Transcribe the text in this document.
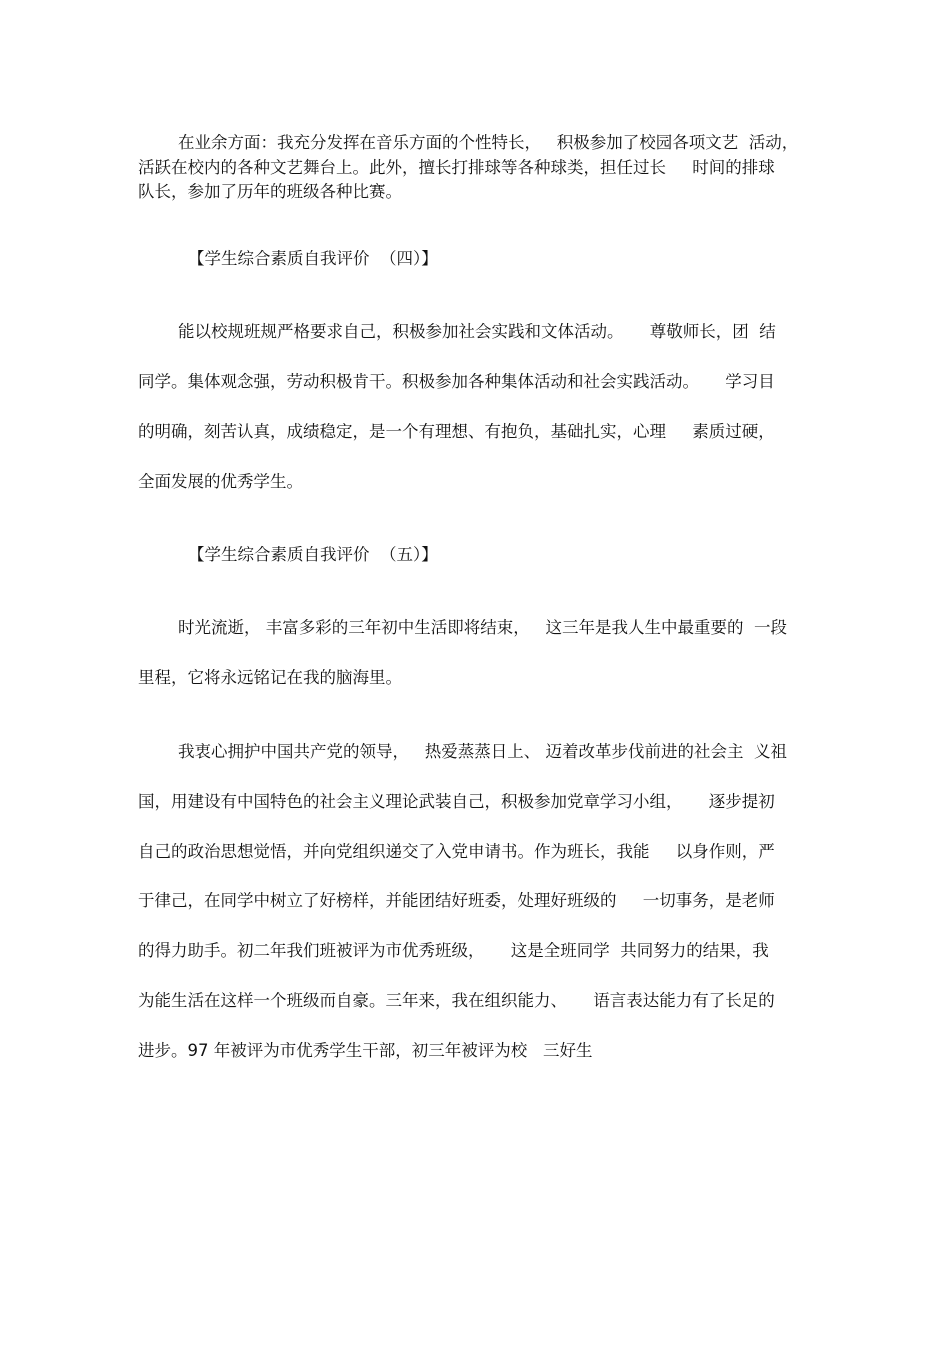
在业余方面：我充分发挥在音乐方面的个性特长，   积极参加了校园各项文艺  活动，
活跃在校内的各种文艺舞台上。此外，擅长打排球等各种球类，担任过长     时间的排球
队长，参加了历年的班级各种比赛。
【学生综合素质自我评价  （四）】
能以校规班规严格要求自己，积极参加社会实践和文体活动。     尊敬师长，团  结
同学。集体观念强，劳动积极肯干。积极参加各种集体活动和社会实践活动。     学习目
的明确，刻苦认真，成绩稳定，是一个有理想、有抱负，基础扎实，心理     素质过硬，
全面发展的优秀学生。
【学生综合素质自我评价  （五）】
时光流逝， 丰富多彩的三年初中生活即将结束，   这三年是我人生中最重要的  一段
里程，它将永远铭记在我的脑海里。
我衷心拥护中国共产党的领导，   热爱蒸蒸日上、 迈着改革步伐前进的社会主  义祖
国，用建设有中国特色的社会主义理论武装自己，积极参加党章学习小组，     逐步提初
自己的政治思想觉悟，并向党组织递交了入党申请书。作为班长，我能     以身作则，严
于律己，在同学中树立了好榜样，并能团结好班委，处理好班级的     一切事务，是老师
的得力助手。初二年我们班被评为市优秀班级，     这是全班同学  共同努力的结果，我
为能生活在这样一个班级而自豪。三年来，我在组织能力、     语言表达能力有了长足的
进步。97 年被评为市优秀学生干部，初三年被评为校   三好生
